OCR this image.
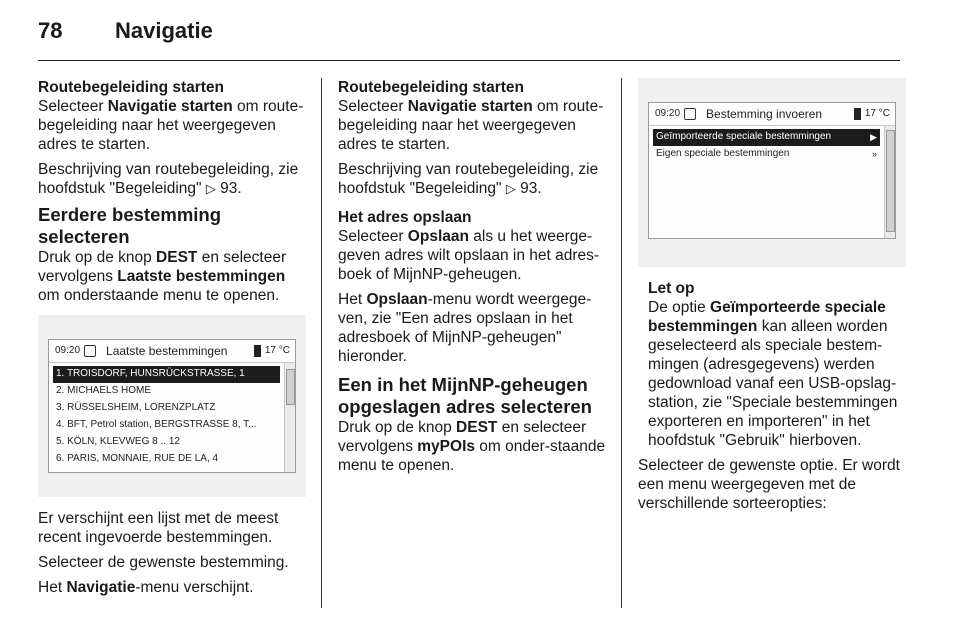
78 Navigatie
Routebegeleiding starten

Selecteer Navigatie starten om route-begeleiding naar het weergegeven adres te starten.

Beschrijving van routebegeleiding, zie hoofdstuk "Begeleiding" ▷ 93.

Eerdere bestemming selecteren

Druk op de knop DEST en selecteer vervolgens Laatste bestemmingen om onderstaande menu te openen.

09:20 Laatste bestemmingen	17 °C
1. TROISDORF, HUNSRÜCKSTRASSE, 1
2. MICHAELS HOME
3. RÜSSELSHEIM, LORENZPLATZ
4. BFT, Petrol station, BERGSTRASSE 8, T...
5. KÖLN, KLEVWEG 8 .. 12
6. PARIS, MONNAIE, RUE DE LA, 4

Er verschijnt een lijst met de meest recent ingevoerde bestemmingen.

Selecteer de gewenste bestemming.

Het Navigatie-menu verschijnt.

Routebegeleiding starten

Selecteer Navigatie starten om route-begeleiding naar het weergegeven adres te starten.

Beschrijving van routebegeleiding, zie hoofdstuk "Begeleiding" ▷ 93.

Het adres opslaan

Selecteer Opslaan als u het weerge-geven adres wilt opslaan in het adres-boek of MijnNP-geheugen.

Het Opslaan-menu wordt weergege-ven, zie "Een adres opslaan in het adresboek of MijnNP-geheugen" hieronder.

Een in het MijnNP-geheugen opgeslagen adres selecteren

Druk op de knop DEST en selecteer vervolgens myPOIs om onder-staande menu te openen.

09:20 Bestemming invoeren	17 °C
Geïmporteerde speciale bestemmingen	▶
Eigen speciale bestemmingen	»
Let op

De optie Geïmporteerde speciale bestemmingen kan alleen worden geselecteerd als speciale bestem-mingen (adresgegevens) werden gedownload vanaf een USB-opslag-station, zie "Speciale bestemmingen exporteren en importeren" in het hoofdstuk "Gebruik" hierboven.

Selecteer de gewenste optie. Er wordt een menu weergegeven met de verschillende sorteeropties:
